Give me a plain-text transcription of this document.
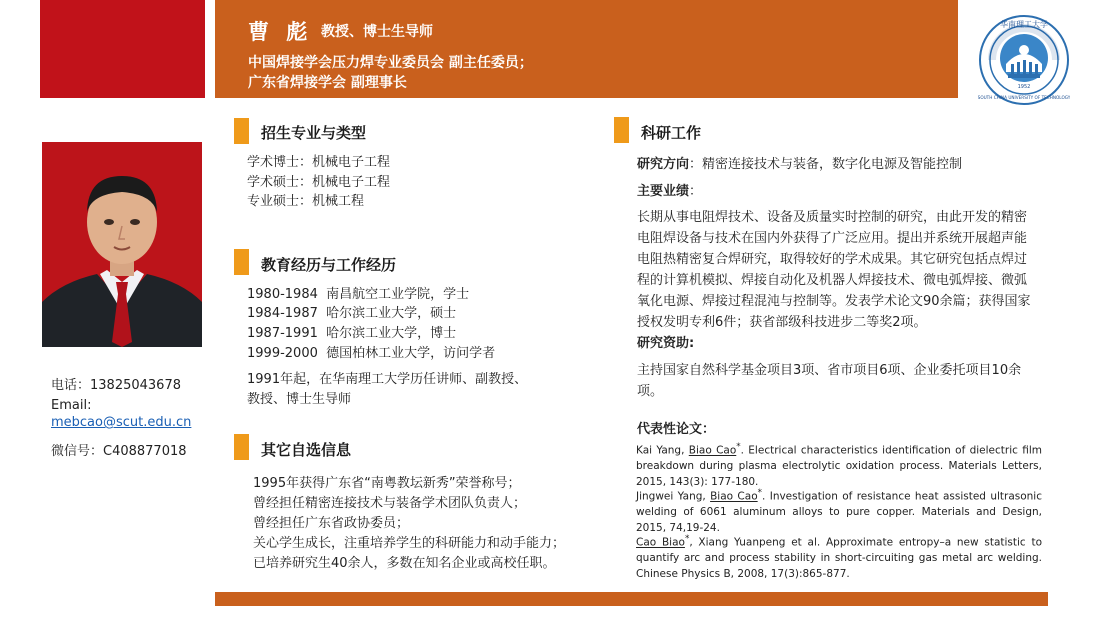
曹 彪 教授、博士生导师
中国焊接学会压力焊专业委员会 副主任委员；
广东省焊接学会 副理事长
华南理工大学
SOUTH CHINA UNIVERSITY OF TECHNOLOGY
1952
电话：13825043678
Email:
mebcao@scut.edu.cn
微信号：C408877018
招生专业与类型
学术博士：机械电子工程
学术硕士：机械电子工程
专业硕士：机械工程
教育经历与工作经历
1980-1984 南昌航空工业学院，学士
1984-1987 哈尔滨工业大学，硕士
1987-1991 哈尔滨工业大学，博士
1999-2000 德国柏林工业大学，访问学者
1991年起，在华南理工大学历任讲师、副教授、
教授、博士生导师
其它自选信息
1995年获得广东省“南粤教坛新秀”荣誉称号；
曾经担任精密连接技术与装备学术团队负责人；
曾经担任广东省政协委员；
关心学生成长，注重培养学生的科研能力和动手能力；
已培养研究生40余人，多数在知名企业或高校任职。
科研工作
研究方向：精密连接技术与装备，数字化电源及智能控制
主要业绩：
长期从事电阻焊技术、设备及质量实时控制的研究，由此开发的精密电阻焊设备与技术在国内外获得了广泛应用。提出并系统开展超声能电阻热精密复合焊研究，取得较好的学术成果。其它研究包括点焊过程的计算机模拟、焊接自动化及机器人焊接技术、微电弧焊接、微弧氧化电源、焊接过程混沌与控制等。发表学术论文90余篇；获得国家授权发明专利6件；获省部级科技进步二等奖2项。
研究资助:
主持国家自然科学基金项目3项、省市项目6项、企业委托项目10余项。
代表性论文：
Kai Yang, Biao Cao*. Electrical characteristics identification of dielectric film breakdown during plasma electrolytic oxidation process. Materials Letters, 2015, 143(3): 177-180.
Jingwei Yang, Biao Cao*. Investigation of resistance heat assisted ultrasonic welding of 6061 aluminum alloys to pure copper. Materials and Design, 2015, 74,19-24.
Cao Biao*, Xiang Yuanpeng et al. Approximate entropy–a new statistic to quantify arc and process stability in short-circuiting gas metal arc welding. Chinese Physics B, 2008, 17(3):865-877.
